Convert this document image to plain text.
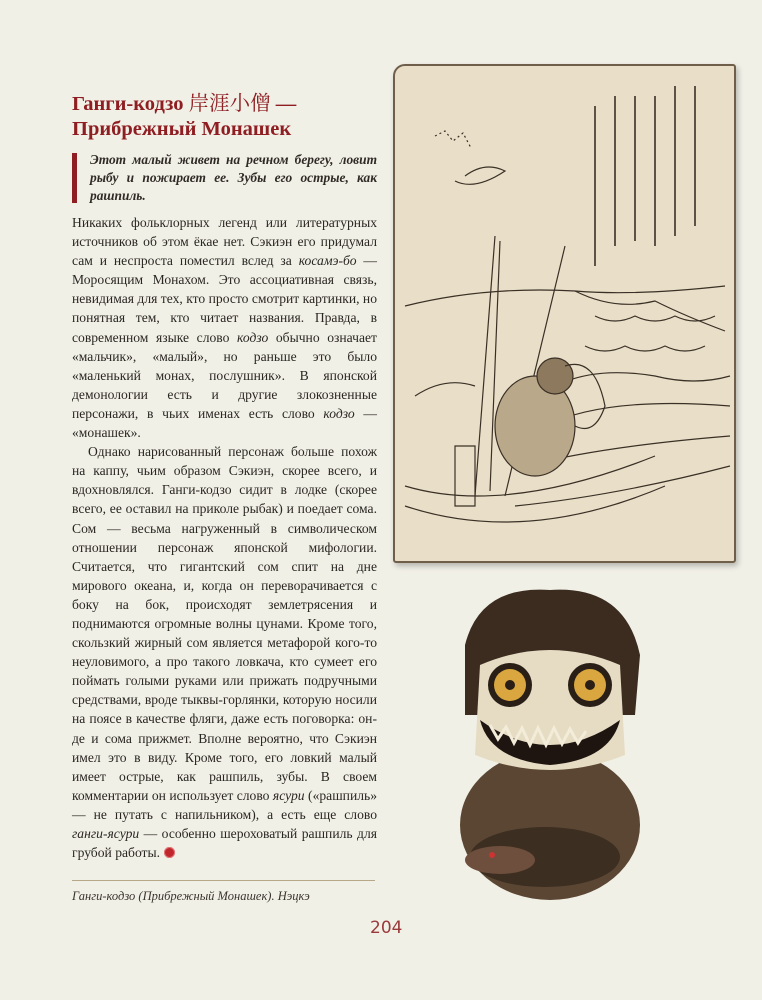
Ганги-кодзо 岸涯小僧 —
Прибрежный Монашек

Этот малый живет на речном берегу, ловит рыбу и пожирает ее. Зубы его острые, как рашпиль.

Никаких фольклорных легенд или литературных источников об этом ёкае нет. Сэкиэн его придумал сам и неспроста поместил вслед за косамэ-бо — Моросящим Монахом. Это ассоциативная связь, невидимая для тех, кто просто смотрит картинки, но понятная тем, кто читает названия. Правда, в современном языке слово кодзо обычно означает «мальчик», «малый», но раньше это было «маленький монах, послушник». В японской демонологии есть и другие злокозненные персонажи, в чьих именах есть слово кодзо — «монашек».

Однако нарисованный персонаж больше похож на каппу, чьим образом Сэкиэн, скорее всего, и вдохновлялся. Ганги-кодзо сидит в лодке (скорее всего, ее оставил на приколе рыбак) и поедает сома. Сом — весьма нагруженный в символическом отношении персонаж японской мифологии. Считается, что гигантский сом спит на дне мирового океана, и, когда он переворачивается с боку на бок, происходят землетрясения и поднимаются огромные волны цунами. Кроме того, скользкий жирный сом является метафорой кого-то неуловимого, а про такого ловкача, кто сумеет его поймать голыми руками или прижать подручными средствами, вроде тыквы-горлянки, которую носили на поясе в качестве фляги, даже есть поговорка: он-де и сома прижмет. Вполне вероятно, что Сэкиэн имел это в виду. Кроме того, его ловкий малый имеет острые, как рашпиль, зубы. В своем комментарии он использует слово ясури («рашпиль» — не путать с напильником), а есть еще слово ганги-ясури — особенно шероховатый рашпиль для грубой работы.

Ганги-кодзо (Прибрежный Монашек). Нэцкэ
204
